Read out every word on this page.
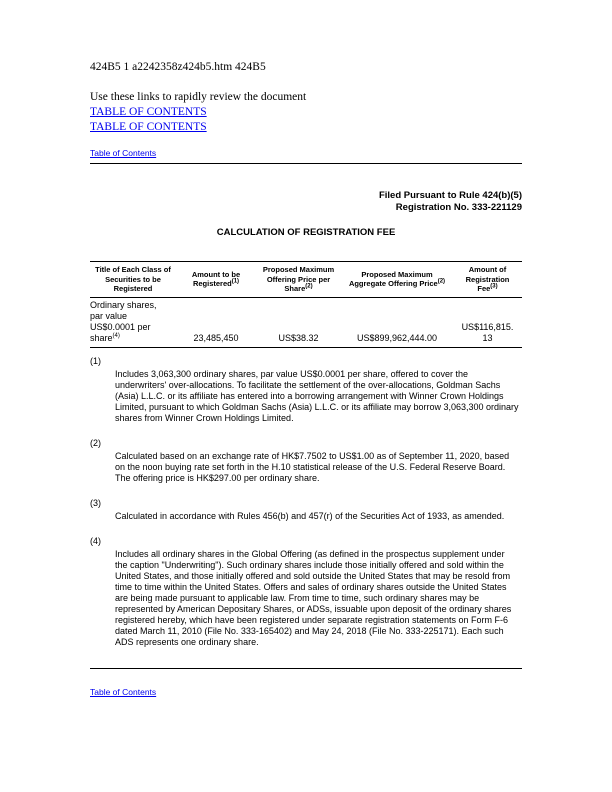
424B5 1 a2242358z424b5.htm 424B5
Use these links to rapidly review the document
TABLE OF CONTENTS
TABLE OF CONTENTS
Table of Contents
Filed Pursuant to Rule 424(b)(5)
Registration No. 333-221129
CALCULATION OF REGISTRATION FEE
Title of Each Class of Securities to be Registered	Amount to be Registered$^{(1)}$	Proposed Maximum Offering Price per Share$^{(2)}$	Proposed Maximum Aggregate Offering Price$^{(2)}$	Amount of Registration Fee$^{(3)}$

Ordinary shares, par value US$0.0001 per share$^{(4)}$	23,485,450	US$38.32	US$899,962,444.00	US$116,815.13
(1)
Includes 3,063,300 ordinary shares, par value US$0.0001 per share, offered to cover the underwriters' over-allocations. To facilitate the settlement of the over-allocations, Goldman Sachs (Asia) L.L.C. or its affiliate has entered into a borrowing arrangement with Winner Crown Holdings Limited, pursuant to which Goldman Sachs (Asia) L.L.C. or its affiliate may borrow 3,063,300 ordinary shares from Winner Crown Holdings Limited.
(2)
Calculated based on an exchange rate of HK$7.7502 to US$1.00 as of September 11, 2020, based on the noon buying rate set forth in the H.10 statistical release of the U.S. Federal Reserve Board. The offering price is HK$297.00 per ordinary share.
(3)
Calculated in accordance with Rules 456(b) and 457(r) of the Securities Act of 1933, as amended.
(4)
Includes all ordinary shares in the Global Offering (as defined in the prospectus supplement under the caption "Underwriting"). Such ordinary shares include those initially offered and sold within the United States, and those initially offered and sold outside the United States that may be resold from time to time within the United States. Offers and sales of ordinary shares outside the United States are being made pursuant to applicable law. From time to time, such ordinary shares may be represented by American Depositary Shares, or ADSs, issuable upon deposit of the ordinary shares registered hereby, which have been registered under separate registration statements on Form F-6 dated March 11, 2010 (File No. 333-165402) and May 24, 2018 (File No. 333-225171). Each such ADS represents one ordinary share.
Table of Contents
